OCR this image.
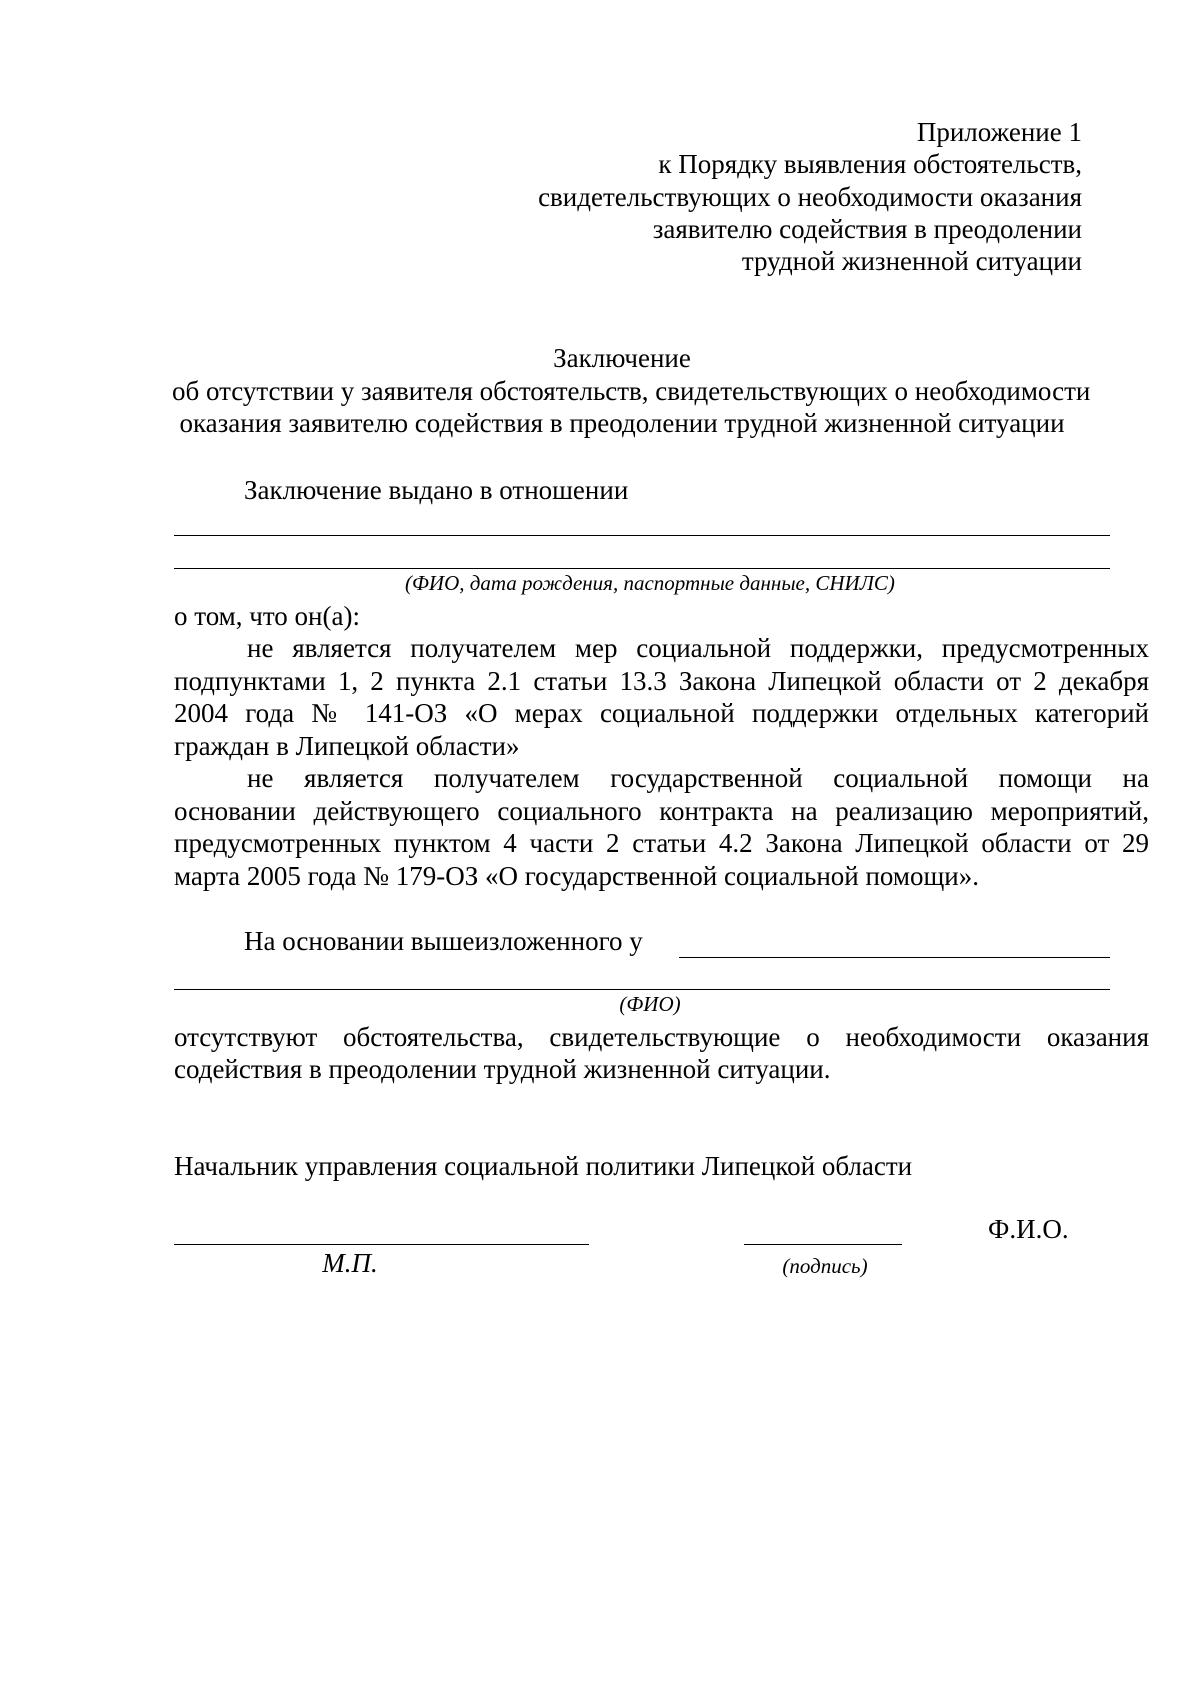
Приложение 1
к Порядку выявления обстоятельств,
свидетельствующих о необходимости оказания
заявителю содействия в преодолении
трудной жизненной ситуации
Заключение
об отсутствии у заявителя обстоятельств, свидетельствующих о необходимости
оказания заявителю содействия в преодолении трудной жизненной ситуации
Заключение выдано в отношении
(ФИО, дата рождения, паспортные данные, СНИЛС)
о том, что он(а):
не является получателем мер социальной поддержки, предусмотренных
подпунктами 1, 2 пункта 2.1 статьи 13.3 Закона Липецкой области от 2 декабря
2004 года № 141-ОЗ «О мерах социальной поддержки отдельных категорий
граждан в Липецкой области»
не является получателем государственной социальной помощи на
основании действующего социального контракта на реализацию мероприятий,
предусмотренных пунктом 4 части 2 статьи 4.2 Закона Липецкой области от 29
марта 2005 года № 179-ОЗ «О государственной социальной помощи».
На основании вышеизложенного у
(ФИО)
отсутствуют обстоятельства, свидетельствующие о необходимости оказания
содействия в преодолении трудной жизненной ситуации.
Начальник управления социальной политики Липецкой области
М.П.	(подпись)
Ф.И.О.
